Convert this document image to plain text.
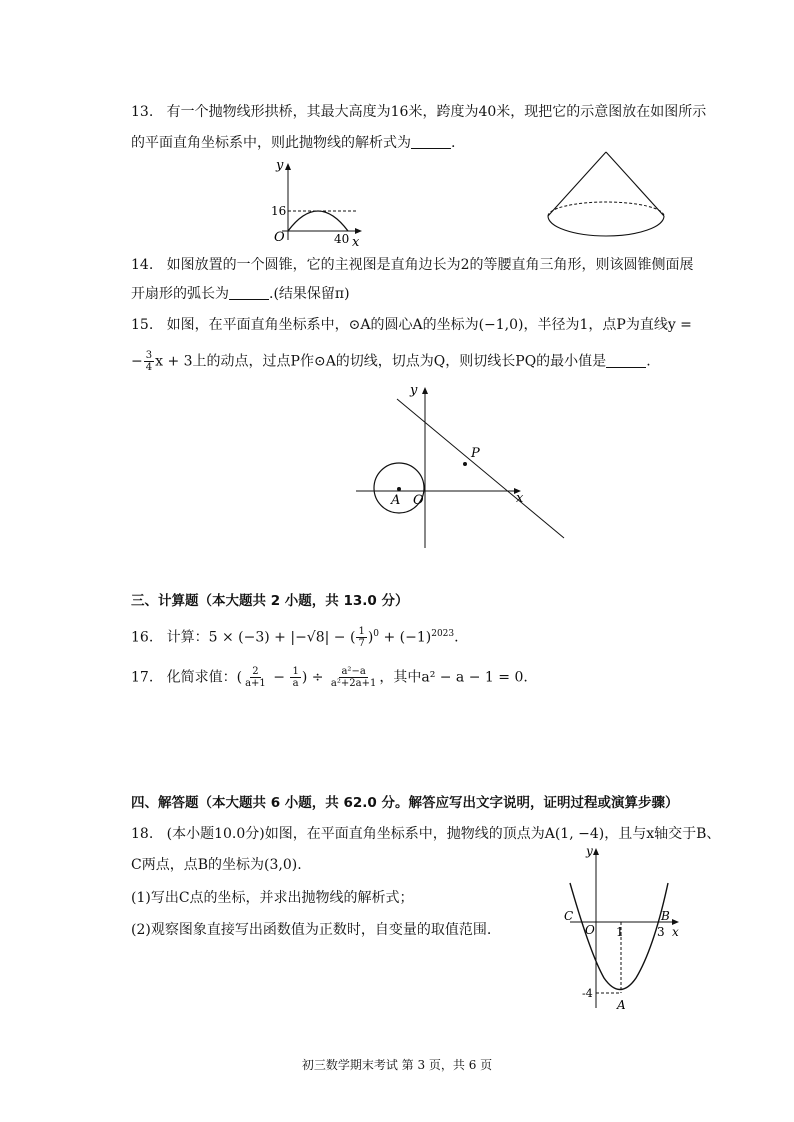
13. 有一个抛物线形拱桥，其最大高度为16米，跨度为40米，现把它的示意图放在如图所示
的平面直角坐标系中，则此抛物线的解析式为	.
y
O
16
40 x
14. 如图放置的一个圆锥，它的主视图是直角边长为2的等腰直角三角形，则该圆锥侧面展
开扇形的弧长为	.(结果保留π)
15. 如图，在平面直角坐标系中，⊙A的圆心A的坐标为(−1,0)，半径为1，点P为直线y =
− $\frac{3}{4}$ x + 3上的动点，过点P作⊙A的切线，切点为Q，则切线长PQ的最小值是	.
y
x
O
A
P
三、计算题（本大题共 2 小题，共 13.0 分）
16. 计算：5 × (−3) + |−√8| − ( $\frac{1}{7} )^0 + (-1)^{2023}$.
17. 化简求值：( $\frac{2}{a+1} - \frac{1}{a}$ ) ÷ $\frac{\text{a²−a}}{\text{a²+2a+1}}$ ，其中a² − a − 1 = 0.
四、解答题（本大题共 6 小题，共 62.0 分。解答应写出文字说明，证明过程或演算步骤）
18. (本小题10.0分)如图，在平面直角坐标系中，抛物线的顶点为A(1, −4)，且与x轴交于B、
C两点，点B的坐标为(3,0).
(1)写出C点的坐标，并求出抛物线的解析式；
(2)观察图象直接写出函数值为正数时，自变量的取值范围.
y
C	B
O 1	3 x
-4
A
初三数学期末考试 第 3 页，共 6 页
